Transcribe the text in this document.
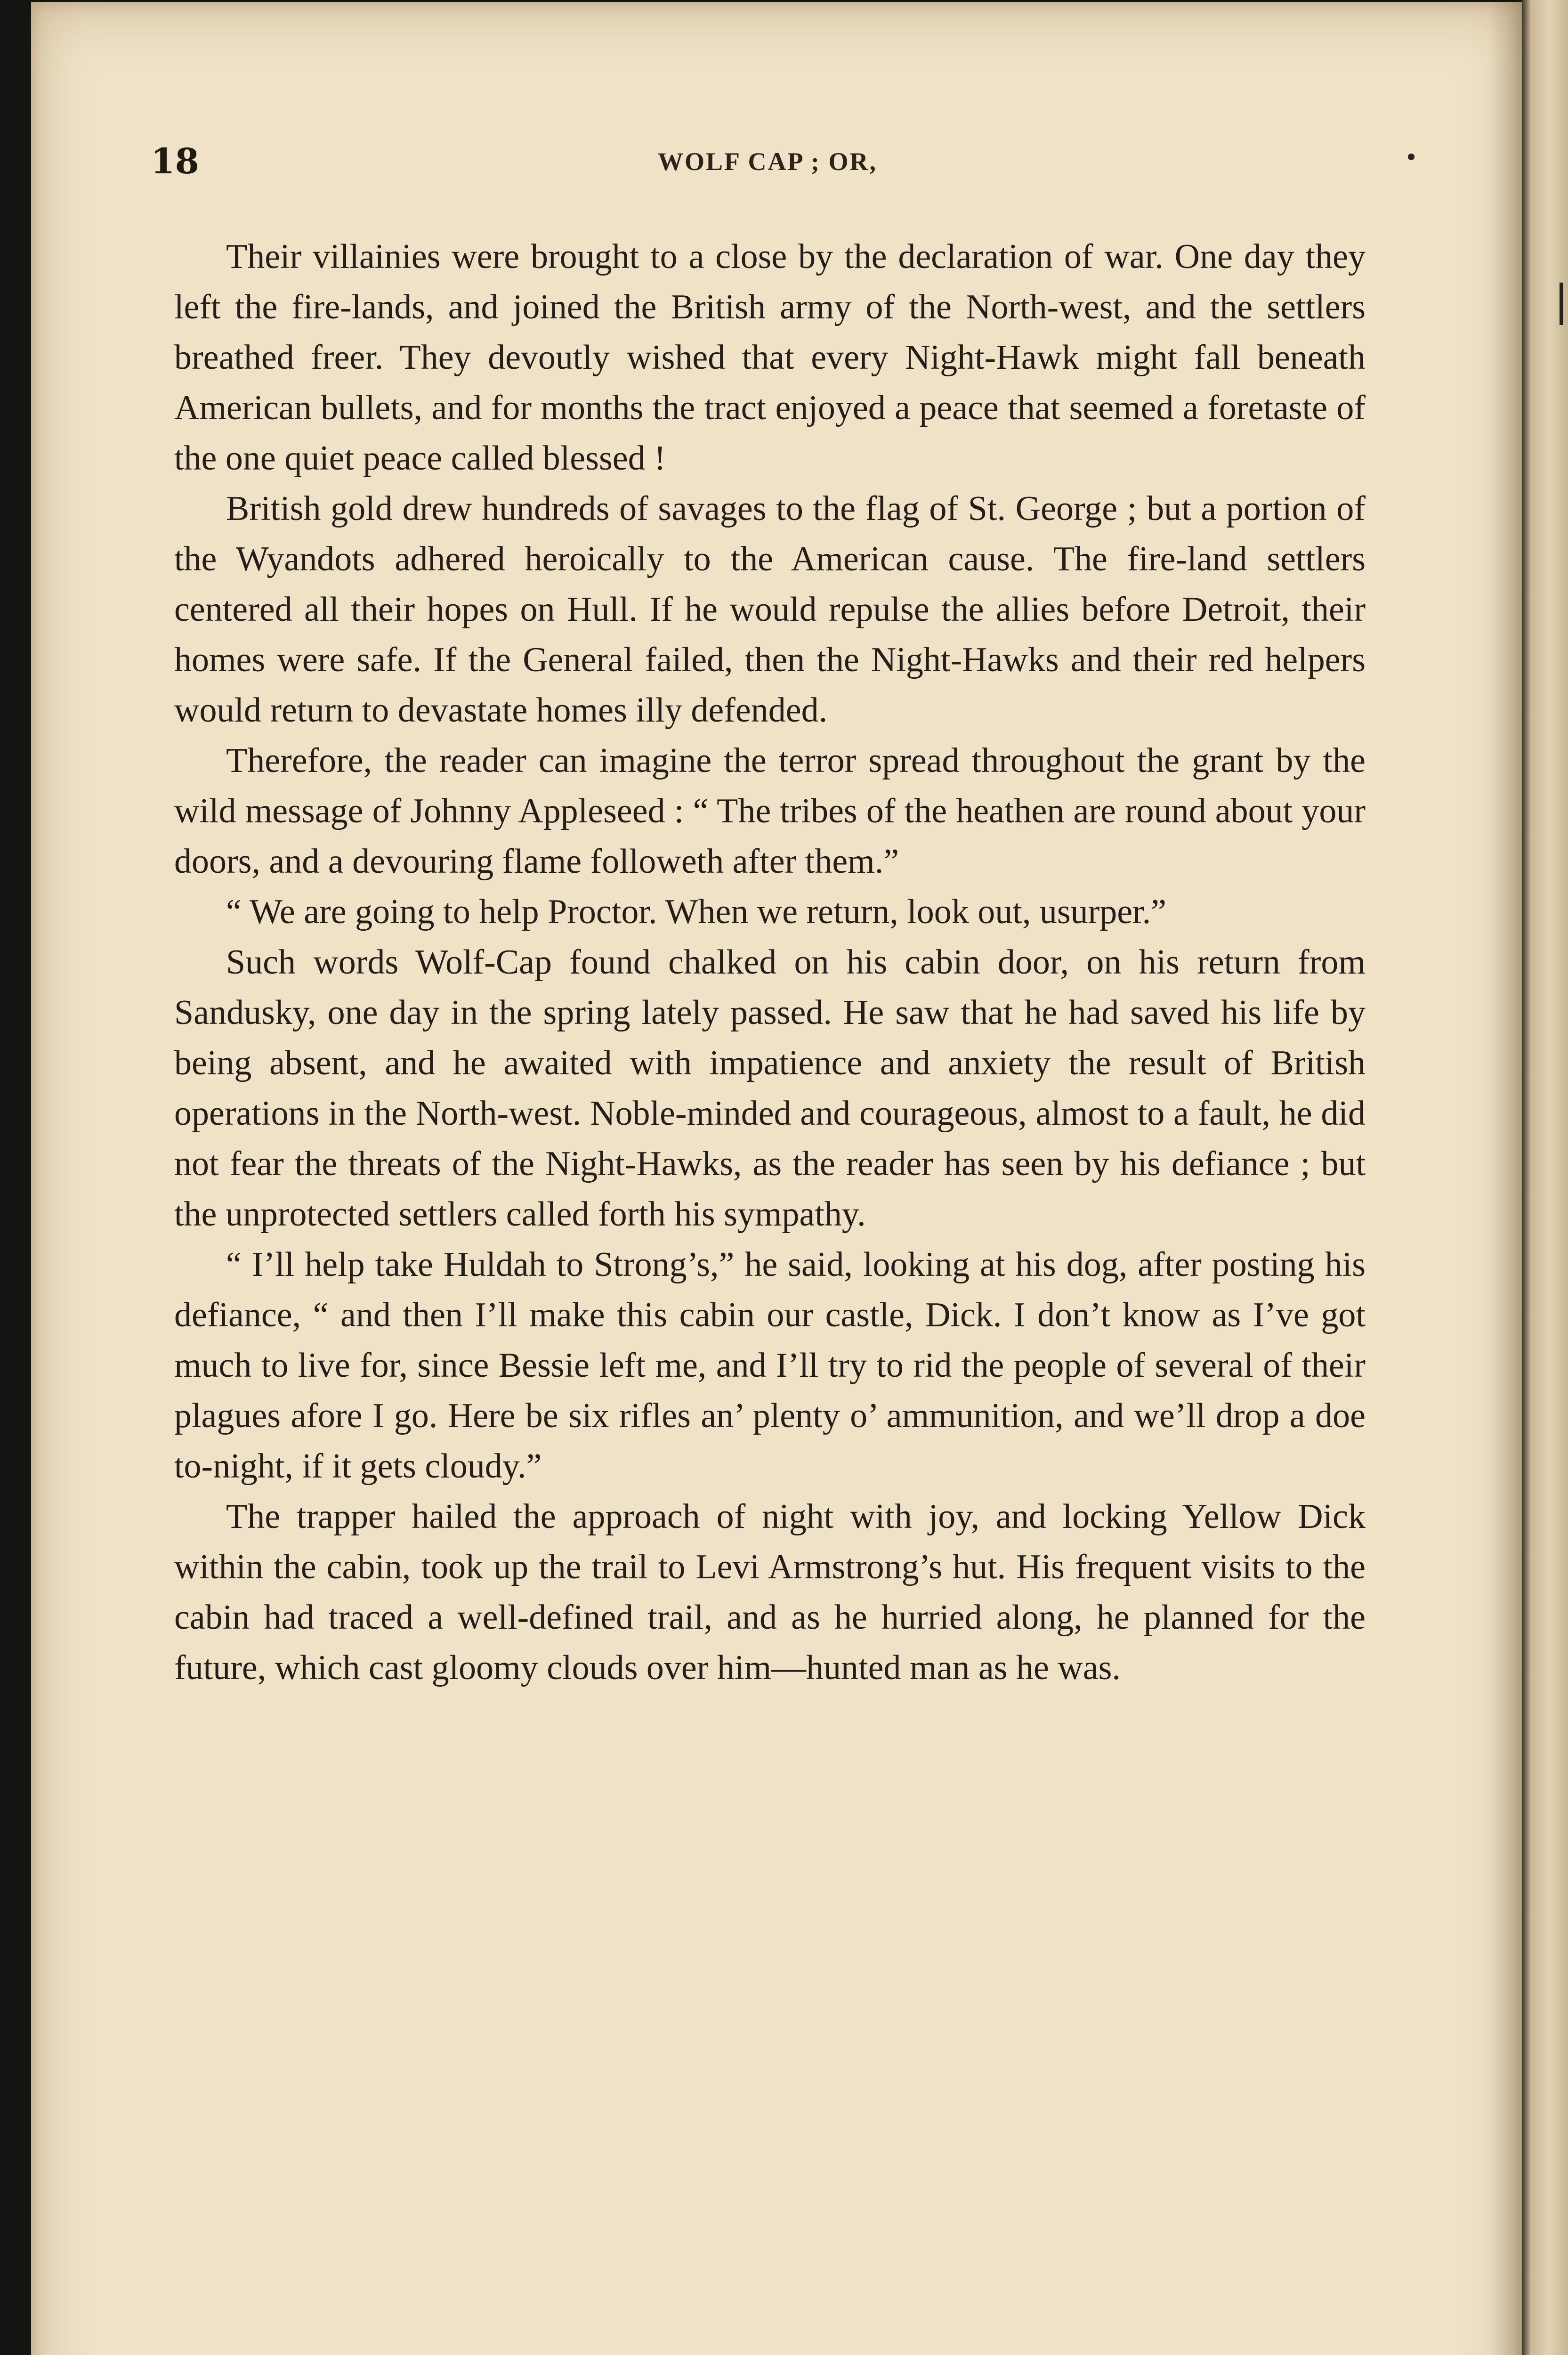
18	WOLF CAP ; OR,

Their villainies were brought to a close by the declaration of war. One day they left the fire-lands, and joined the British army of the North-west, and the settlers breathed freer. They devoutly wished that every Night-Hawk might fall beneath American bullets, and for months the tract enjoyed a peace that seemed a foretaste of the one quiet peace called blessed !

British gold drew hundreds of savages to the flag of St. George ; but a portion of the Wyandots adhered heroically to the American cause. The fire-land settlers centered all their hopes on Hull. If he would repulse the allies before Detroit, their homes were safe. If the General failed, then the Night-Hawks and their red helpers would return to devastate homes illy defended.

Therefore, the reader can imagine the terror spread throughout the grant by the wild message of Johnny Appleseed : “ The tribes of the heathen are round about your doors, and a devouring flame followeth after them.”

“ We are going to help Proctor. When we return, look out, usurper.”

Such words Wolf-Cap found chalked on his cabin door, on his return from Sandusky, one day in the spring lately passed. He saw that he had saved his life by being absent, and he awaited with impatience and anxiety the result of British operations in the North-west. Noble-minded and courageous, almost to a fault, he did not fear the threats of the Night-Hawks, as the reader has seen by his defiance ; but the unprotected settlers called forth his sympathy.

“ I’ll help take Huldah to Strong’s,” he said, looking at his dog, after posting his defiance, “ and then I’ll make this cabin our castle, Dick. I don’t know as I’ve got much to live for, since Bessie left me, and I’ll try to rid the people of several of their plagues afore I go. Here be six rifles an’ plenty o’ ammunition, and we’ll drop a doe to-night, if it gets cloudy.”

The trapper hailed the approach of night with joy, and locking Yellow Dick within the cabin, took up the trail to Levi Armstrong’s hut. His frequent visits to the cabin had traced a well-defined trail, and as he hurried along, he planned for the future, which cast gloomy clouds over him—hunted man as he was.
